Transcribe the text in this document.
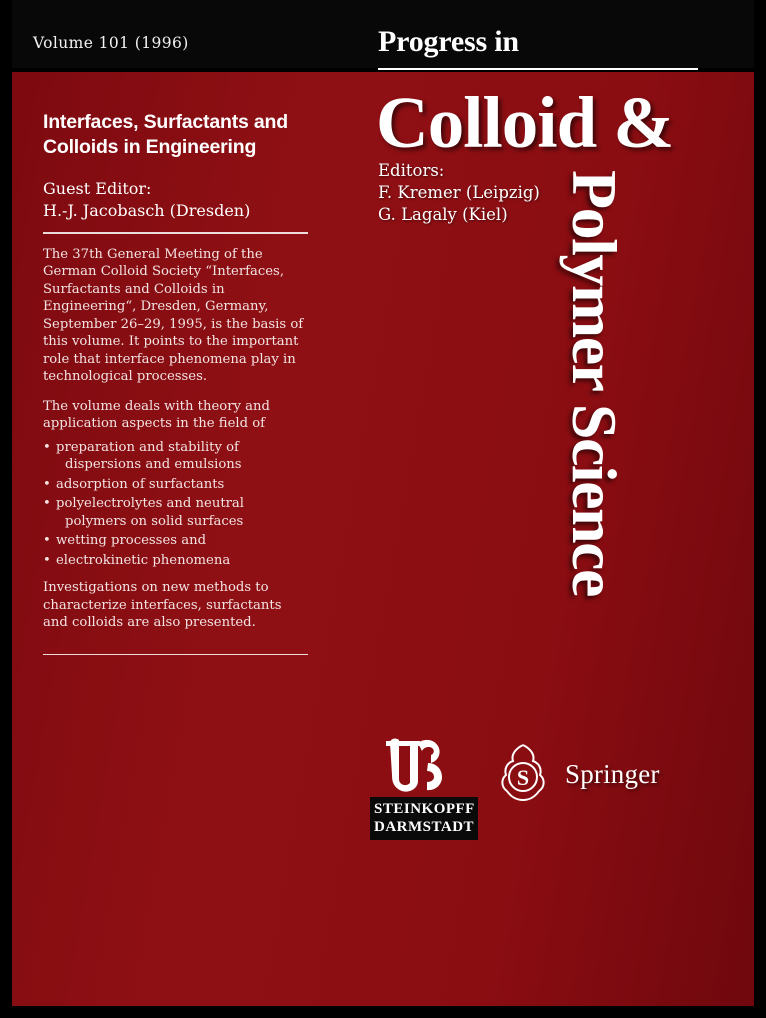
Volume 101 (1996)	Progress in
Colloid &
Polymer Science
Editors:
F. Kremer (Leipzig)
G. Lagaly (Kiel)
Interfaces, Surfactants and Colloids in Engineering

Guest Editor:

H.-J. Jacobasch (Dresden)

The 37th General Meeting of the German Colloid Society “Interfaces, Surfactants and Colloids in Engineering“, Dresden, Germany, September 26–29, 1995, is the basis of this volume. It points to the important role that interface phenomena play in technological processes.

The volume deals with theory and application aspects in the field of

• preparation and stability of
dispersions and emulsions
• adsorption of surfactants
• polyelectrolytes and neutral
polymers on solid surfaces
• wetting processes and
• electrokinetic phenomena

Investigations on new methods to characterize interfaces, surfactants and colloids are also presented.

STEINKOPFF
DARMSTADT
S Springer
